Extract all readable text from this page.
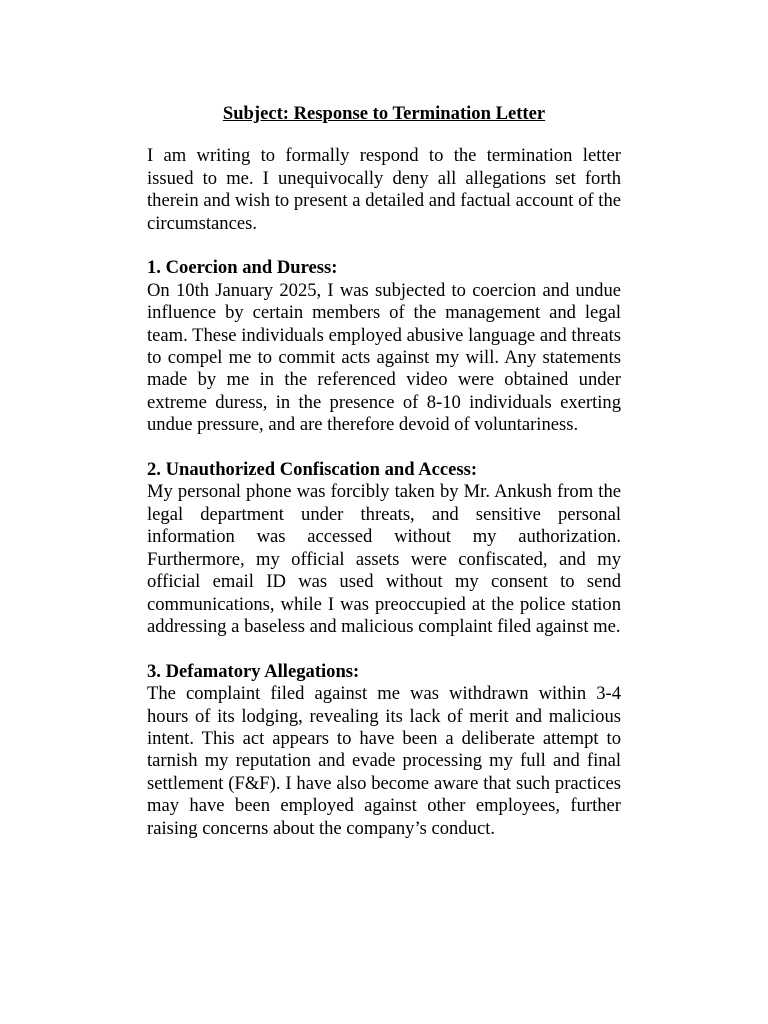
Subject: Response to Termination Letter

I am writing to formally respond to the termination letter issued to me. I unequivocally deny all allegations set forth therein and wish to present a detailed and factual account of the circumstances.

1. Coercion and Duress:

On 10th January 2025, I was subjected to coercion and undue influence by certain members of the management and legal team. These individuals employed abusive language and threats to compel me to commit acts against my will. Any statements made by me in the referenced video were obtained under extreme duress, in the presence of 8-10 individuals exerting undue pressure, and are therefore devoid of voluntariness.

2. Unauthorized Confiscation and Access:

My personal phone was forcibly taken by Mr. Ankush from the legal department under threats, and sensitive personal information was accessed without my authorization. Furthermore, my official assets were confiscated, and my official email ID was used without my consent to send communications, while I was preoccupied at the police station addressing a baseless and malicious complaint filed against me.

3. Defamatory Allegations:

The complaint filed against me was withdrawn within 3-4 hours of its lodging, revealing its lack of merit and malicious intent. This act appears to have been a deliberate attempt to tarnish my reputation and evade processing my full and final settlement (F&F). I have also become aware that such practices may have been employed against other employees, further raising concerns about the company’s conduct.
